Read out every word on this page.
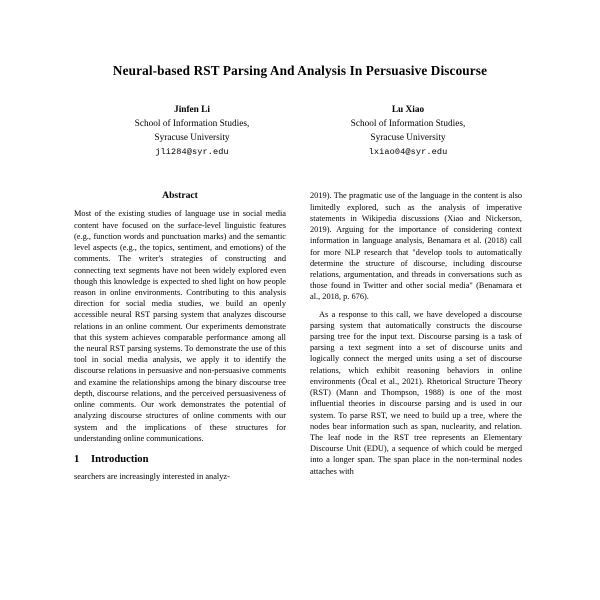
Neural-based RST Parsing And Analysis In Persuasive Discourse
Jinfen Li
School of Information Studies,
Syracuse University
jli284@syr.edu
Lu Xiao
School of Information Studies,
Syracuse University
lxiao04@syr.edu
Abstract

Most of the existing studies of language use in social media content have focused on the surface-level linguistic features (e.g., function words and punctuation marks) and the semantic level aspects (e.g., the topics, sentiment, and emotions) of the comments. The writer's strategies of constructing and connecting text segments have not been widely explored even though this knowledge is expected to shed light on how people reason in online environments. Contributing to this analysis direction for social media studies, we build an openly accessible neural RST parsing system that analyzes discourse relations in an online comment. Our experiments demonstrate that this system achieves comparable performance among all the neural RST parsing systems. To demonstrate the use of this tool in social media analysis, we apply it to identify the discourse relations in persuasive and non-persuasive comments and examine the relationships among the binary discourse tree depth, discourse relations, and the perceived persuasiveness of online comments. Our work demonstrates the potential of analyzing discourse structures of online comments with our system and the implications of these structures for understanding online communications.

1	Introduction

searchers are increasingly interested in analyz-

2019). The pragmatic use of the language in the content is also limitedly explored, such as the analysis of imperative statements in Wikipedia discussions (Xiao and Nickerson, 2019). Arguing for the importance of considering context information in language analysis, Benamara et al. (2018) call for more NLP research that "develop tools to automatically determine the structure of discourse, including discourse relations, argumentation, and threads in conversations such as those found in Twitter and other social media" (Benamara et al., 2018, p. 676).

As a response to this call, we have developed a discourse parsing system that automatically constructs the discourse parsing tree for the input text. Discourse parsing is a task of parsing a text segment into a set of discourse units and logically connect the merged units using a set of discourse relations, which exhibit reasoning behaviors in online environments (Öcal et al., 2021). Rhetorical Structure Theory (RST) (Mann and Thompson, 1988) is one of the most influential theories in discourse parsing and is used in our system. To parse RST, we need to build up a tree, where the nodes bear information such as span, nuclearity, and relation. The leaf node in the RST tree represents an Elementary Discourse Unit (EDU), a sequence of which could be merged into a longer span. The span place in the non-terminal nodes attaches with
